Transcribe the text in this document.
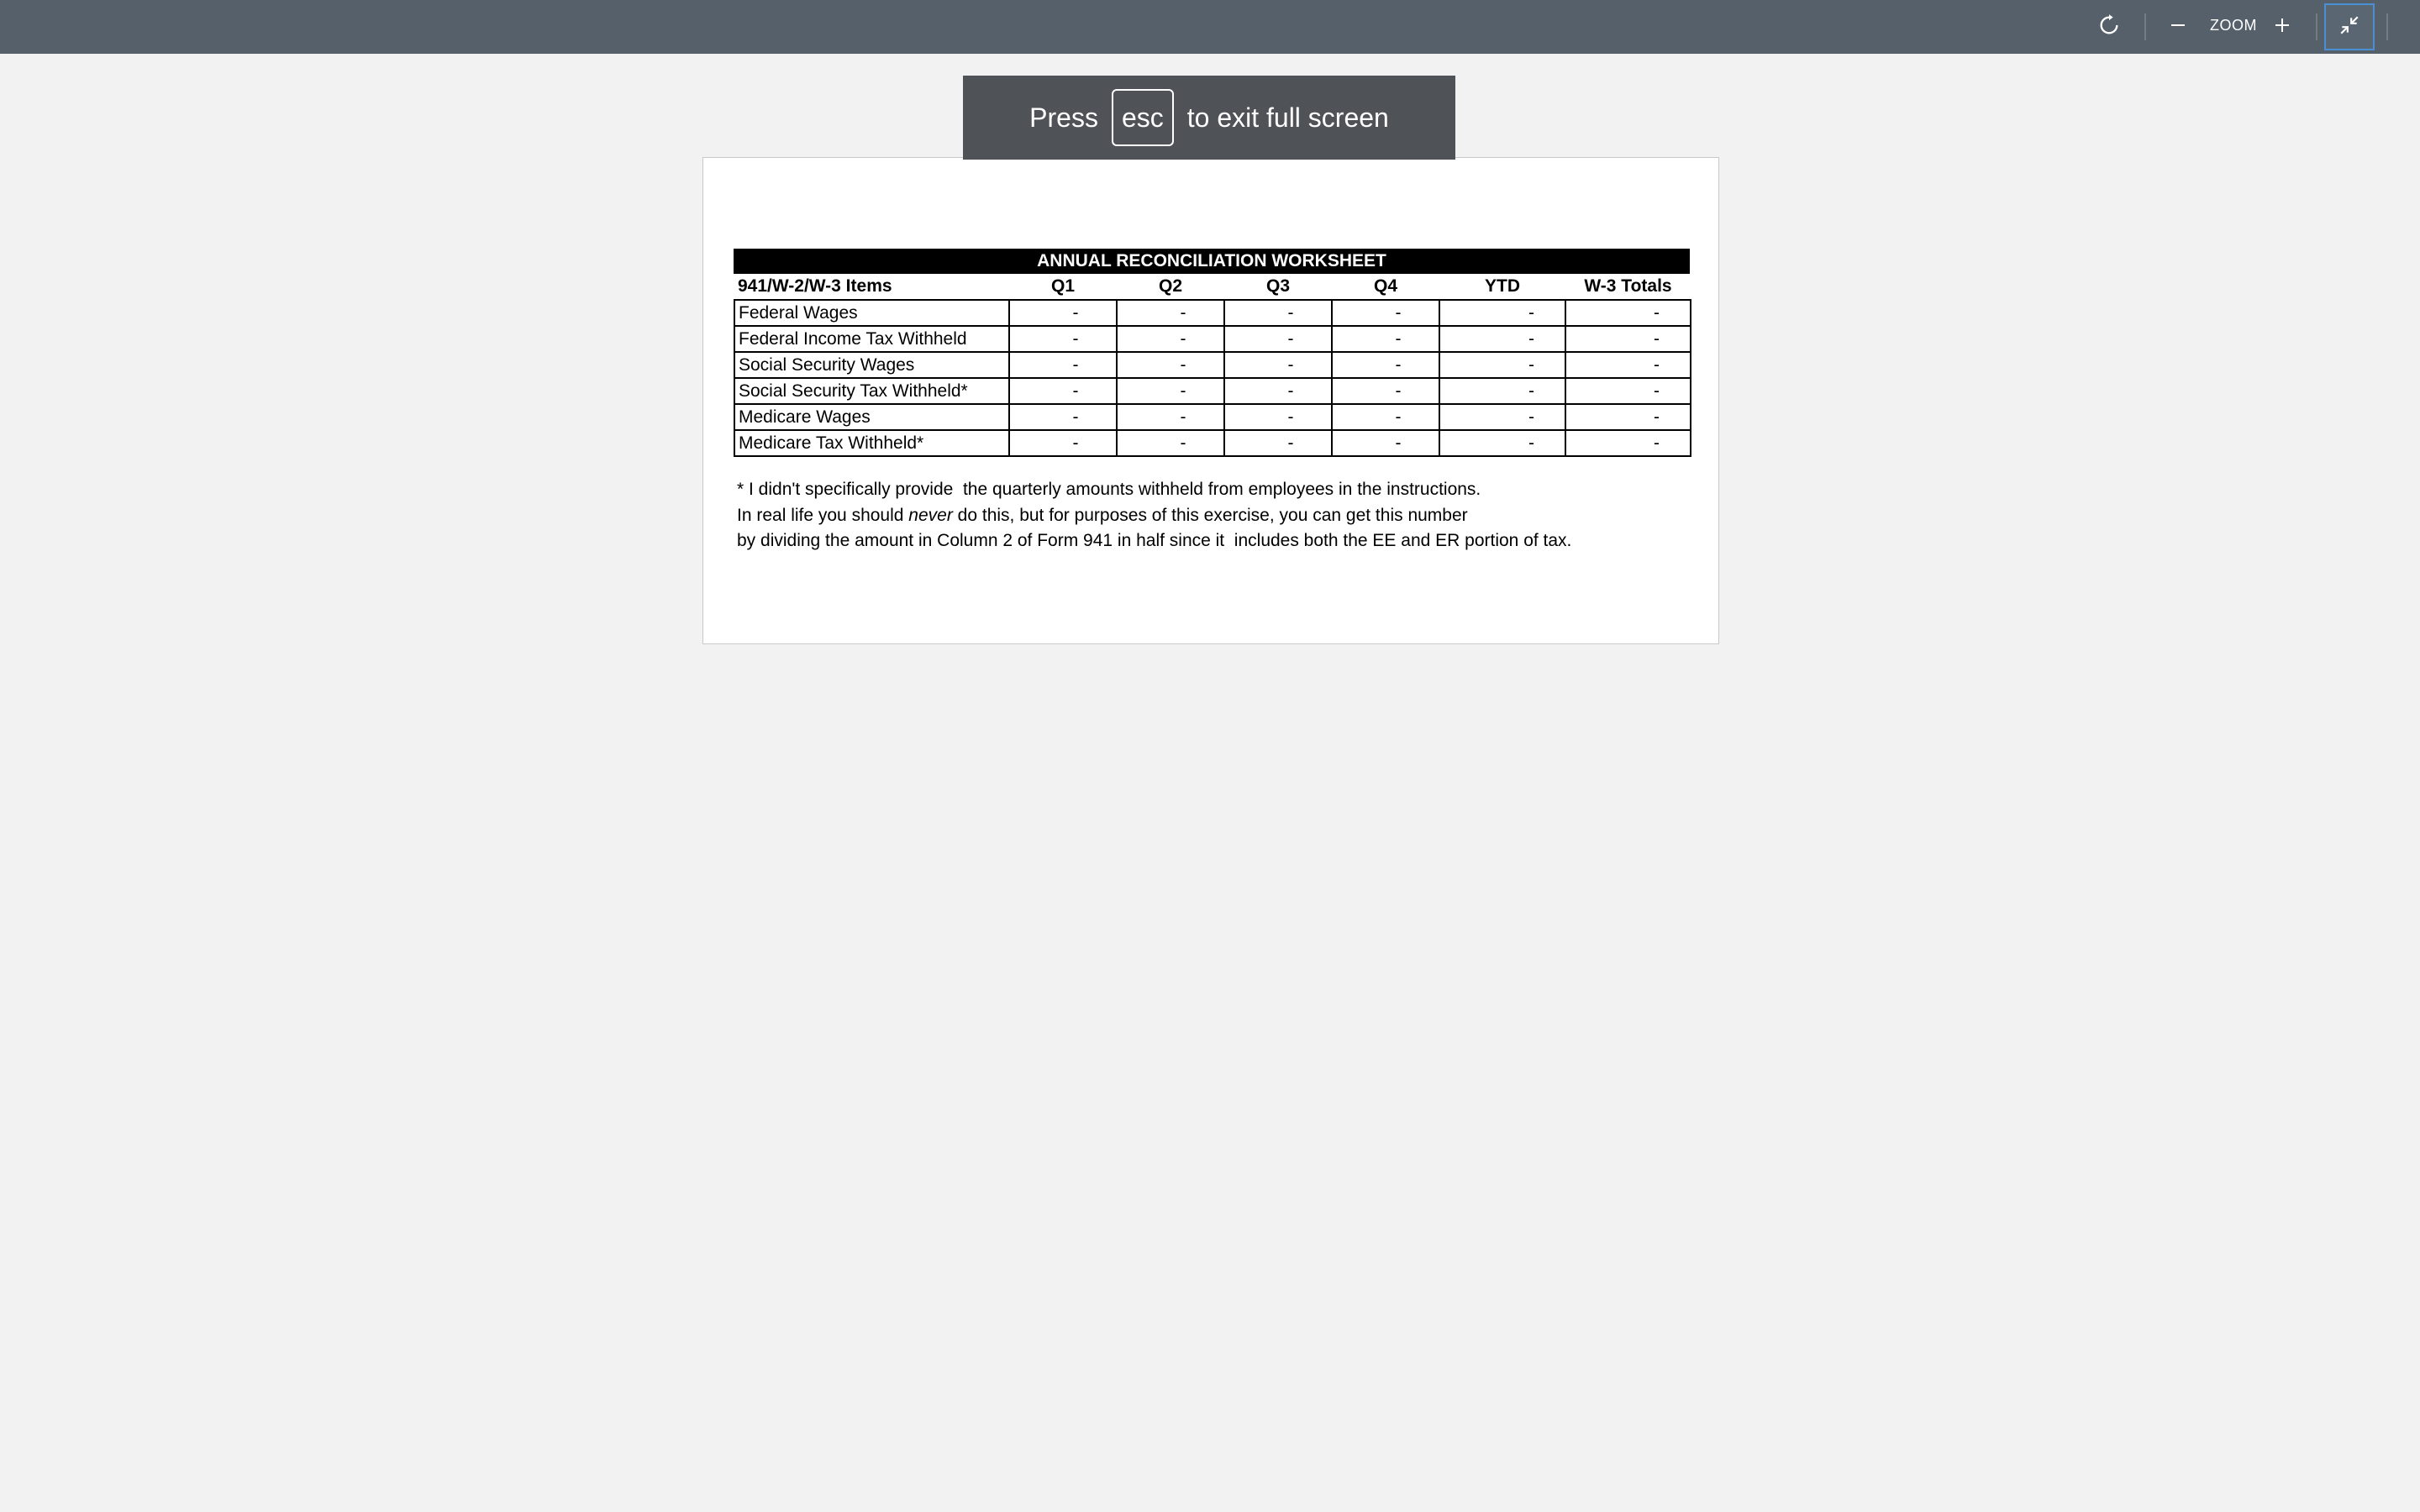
ZOOM
ANNUAL RECONCILIATION WORKSHEET
941/W-2/W-3 Items	Q1	Q2	Q3	Q4	YTD	W-3 Totals
Federal Wages	-	-	-	-	-	-
Federal Income Tax Withheld	-	-	-	-	-	-
Social Security Wages	-	-	-	-	-	-
Social Security Tax Withheld*	-	-	-	-	-	-
Medicare Wages	-	-	-	-	-	-
Medicare Tax Withheld*	-	-	-	-	-	-
* I didn't specifically provide  the quarterly amounts withheld from employees in the instructions.
In real life you should never do this, but for purposes of this exercise, you can get this number
by dividing the amount in Column 2 of Form 941 in half since it  includes both the EE and ER portion of tax.
Press esc to exit full screen
